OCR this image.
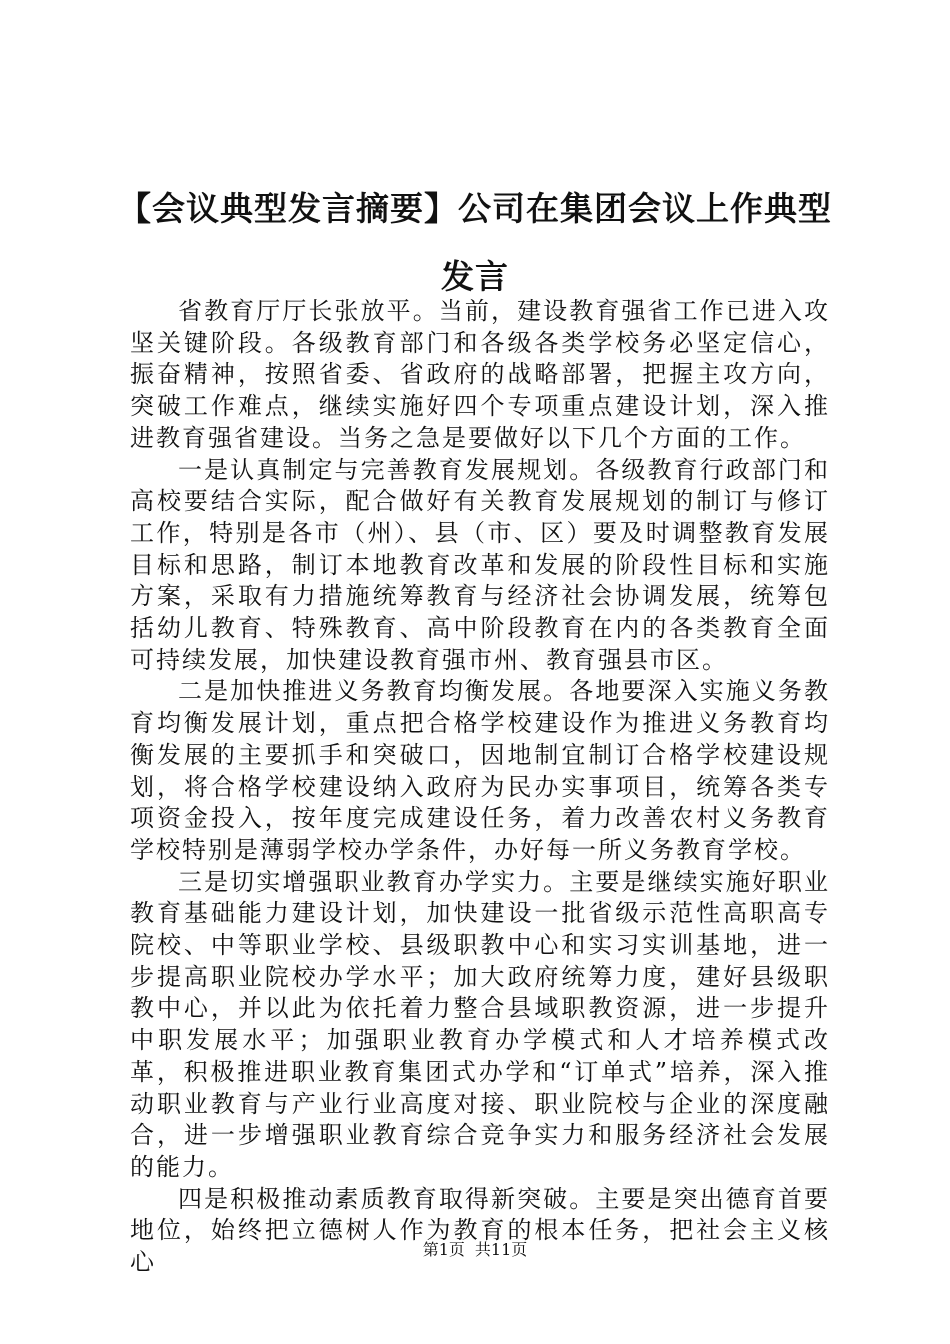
【会议典型发言摘要】公司在集团会议上作典型发言

省教育厅厅长张放平。当前，建设教育强省工作已进入攻坚关键阶段。各级教育部门和各级各类学校务必坚定信心，振奋精神，按照省委、省政府的战略部署，把握主攻方向，突破工作难点，继续实施好四个专项重点建设计划，深入推进教育强省建设。当务之急是要做好以下几个方面的工作。

一是认真制定与完善教育发展规划。各级教育行政部门和高校要结合实际，配合做好有关教育发展规划的制订与修订工作，特别是各市（州）、县（市、区）要及时调整教育发展目标和思路，制订本地教育改革和发展的阶段性目标和实施方案，采取有力措施统筹教育与经济社会协调发展，统筹包括幼儿教育、特殊教育、高中阶段教育在内的各类教育全面可持续发展，加快建设教育强市州、教育强县市区。

二是加快推进义务教育均衡发展。各地要深入实施义务教育均衡发展计划，重点把合格学校建设作为推进义务教育均衡发展的主要抓手和突破口，因地制宜制订合格学校建设规划，将合格学校建设纳入政府为民办实事项目，统筹各类专项资金投入，按年度完成建设任务，着力改善农村义务教育学校特别是薄弱学校办学条件，办好每一所义务教育学校。

三是切实增强职业教育办学实力。主要是继续实施好职业教育基础能力建设计划，加快建设一批省级示范性高职高专院校、中等职业学校、县级职教中心和实习实训基地，进一步提高职业院校办学水平；加大政府统筹力度，建好县级职教中心，并以此为依托着力整合县域职教资源，进一步提升中职发展水平；加强职业教育办学模式和人才培养模式改革，积极推进职业教育集团式办学和“订单式”培养，深入推动职业教育与产业行业高度对接、职业院校与企业的深度融合，进一步增强职业教育综合竞争实力和服务经济社会发展的能力。

四是积极推动素质教育取得新突破。主要是突出德育首要地位，始终把立德树人作为教育的根本任务，把社会主义核心	第1页 共11页
